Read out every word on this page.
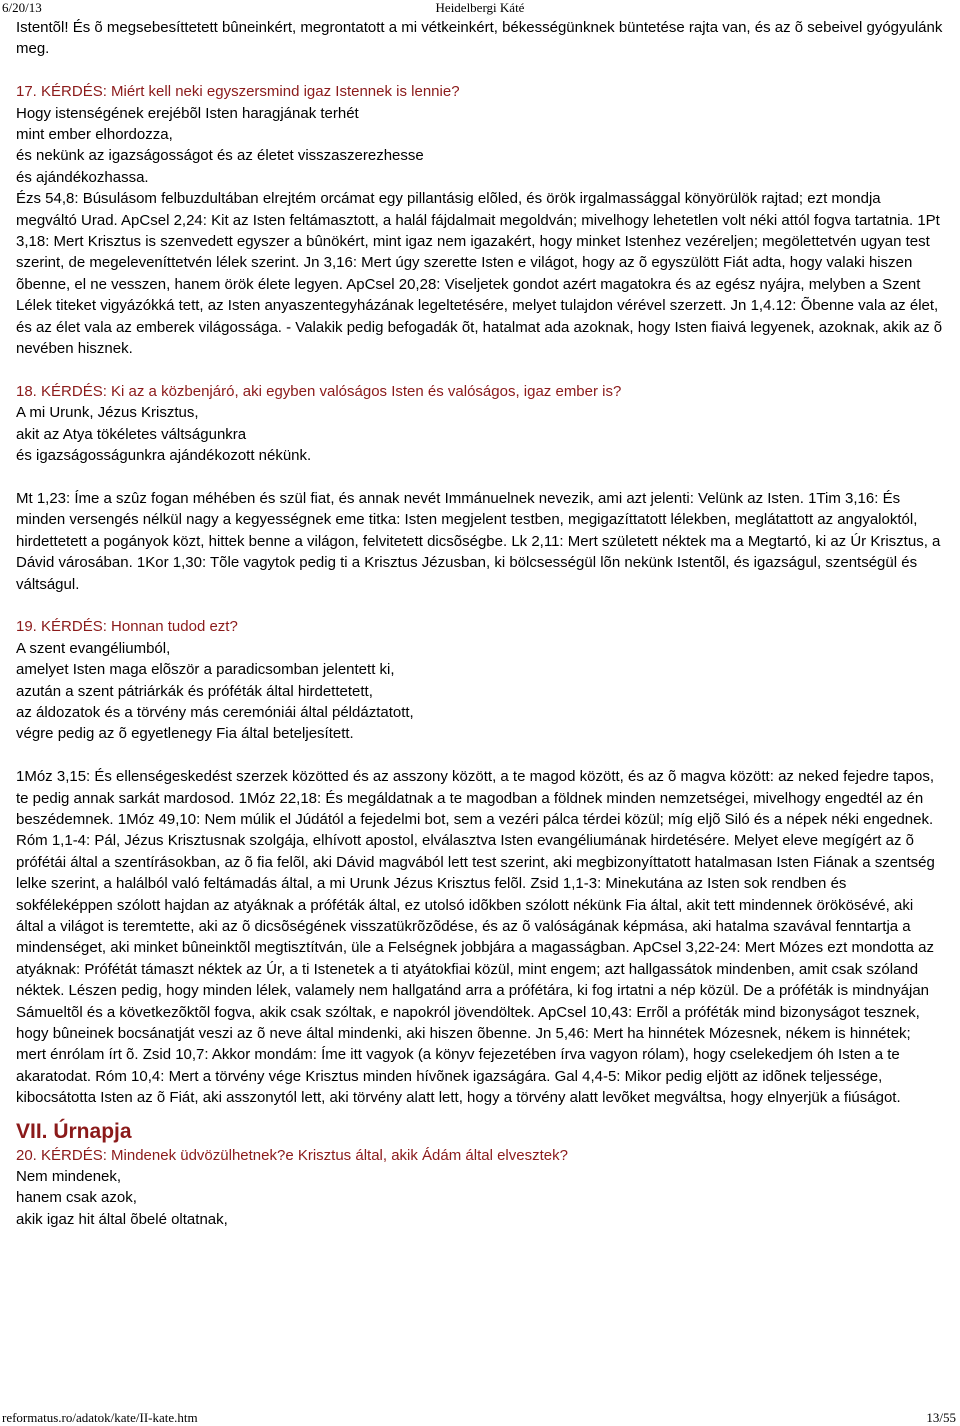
6/20/13	Heidelbergi Káté

Istentõl! És õ megsebesíttetett bûneinkért, megrontatott a mi vétkeinkért, békességünknek büntetése rajta van, és az õ sebeivel gyógyulánk meg.

17. KÉRDÉS: Miért kell neki egyszersmind igaz Istennek is lennie?

Hogy istenségének erejébõl Isten haragjának terhét
mint ember elhordozza,
és nekünk az igazságosságot és az életet visszaszerezhesse
és ajándékozhassa.

Ézs 54,8: Búsulásom felbuzdultában elrejtém orcámat egy pillantásig elõled, és örök irgalmassággal könyörülök rajtad; ezt mondja megváltó Urad. ApCsel 2,24: Kit az Isten feltámasztott, a halál fájdalmait megoldván; mivelhogy lehetetlen volt néki attól fogva tartatnia. 1Pt 3,18: Mert Krisztus is szenvedett egyszer a bûnökért, mint igaz nem igazakért, hogy minket Istenhez vezéreljen; megölettetvén ugyan test szerint, de megeleveníttetvén lélek szerint. Jn 3,16: Mert úgy szerette Isten e világot, hogy az õ egyszülött Fiát adta, hogy valaki hiszen õbenne, el ne vesszen, hanem örök élete legyen. ApCsel 20,28: Viseljetek gondot azért magatokra és az egész nyájra, melyben a Szent Lélek titeket vigyázókká tett, az Isten anyaszentegyházának legeltetésére, melyet tulajdon vérével szerzett. Jn 1,4.12: Õbenne vala az élet, és az élet vala az emberek világossága. - Valakik pedig befogadák õt, hatalmat ada azoknak, hogy Isten fiaivá legyenek, azoknak, akik az õ nevében hisznek.

18. KÉRDÉS: Ki az a közbenjáró, aki egyben valóságos Isten és valóságos, igaz ember is?

A mi Urunk, Jézus Krisztus,
akit az Atya tökéletes váltságunkra
és igazságosságunkra ajándékozott nékünk.

Mt 1,23: Íme a szûz fogan méhében és szül fiat, és annak nevét Immánuelnek nevezik, ami azt jelenti: Velünk az Isten. 1Tim 3,16: És minden versengés nélkül nagy a kegyességnek eme titka: Isten megjelent testben, megigazíttatott lélekben, meglátattott az angyaloktól, hirdettetett a pogányok közt, hittek benne a világon, felvitetett dicsõségbe. Lk 2,11: Mert született néktek ma a Megtartó, ki az Úr Krisztus, a Dávid városában. 1Kor 1,30: Tõle vagytok pedig ti a Krisztus Jézusban, ki bölcsességül lõn nekünk Istentõl, és igazságul, szentségül és váltságul.

19. KÉRDÉS: Honnan tudod ezt?

A szent evangéliumból,
amelyet Isten maga elõször a paradicsomban jelentett ki,
azután a szent pátriárkák és próféták által hirdettetett,
az áldozatok és a törvény más ceremóniái által példáztatott,
végre pedig az õ egyetlenegy Fia által beteljesített.

1Móz 3,15: És ellenségeskedést szerzek közötted és az asszony között, a te magod között, és az õ magva között: az neked fejedre tapos, te pedig annak sarkát mardosod. 1Móz 22,18: És megáldatnak a te magodban a földnek minden nemzetségei, mivelhogy engedtél az én beszédemnek. 1Móz 49,10: Nem múlik el Júdától a fejedelmi bot, sem a vezéri pálca térdei közül; míg eljõ Siló és a népek néki engednek. Róm 1,1-4: Pál, Jézus Krisztusnak szolgája, elhívott apostol, elválasztva Isten evangéliumának hirdetésére. Melyet eleve megígért az õ prófétái által a szentírásokban, az õ fia felõl, aki Dávid magvából lett test szerint, aki megbizonyíttatott hatalmasan Isten Fiának a szentség lelke szerint, a halálból való feltámadás által, a mi Urunk Jézus Krisztus felõl. Zsid 1,1-3: Minekutána az Isten sok rendben és sokféleképpen szólott hajdan az atyáknak a próféták által, ez utolsó idõkben szólott nékünk Fia által, akit tett mindennek örökösévé, aki által a világot is teremtette, aki az õ dicsõségének visszatükrõzõdése, és az õ valóságának képmása, aki hatalma szavával fenntartja a mindenséget, aki minket bûneinktõl megtisztítván, üle a Felségnek jobbjára a magasságban. ApCsel 3,22-24: Mert Mózes ezt mondotta az atyáknak: Prófétát támaszt néktek az Úr, a ti Istenetek a ti atyátokfiai közül, mint engem; azt hallgassátok mindenben, amit csak szóland néktek. Lészen pedig, hogy minden lélek, valamely nem hallgatánd arra a prófétára, ki fog irtatni a nép közül. De a próféták is mindnyájan Sámueltõl és a következõktõl fogva, akik csak szóltak, e napokról jövendöltek. ApCsel 10,43: Errõl a próféták mind bizonyságot tesznek, hogy bûneinek bocsánatját veszi az õ neve által mindenki, aki hiszen õbenne. Jn 5,46: Mert ha hinnétek Mózesnek, nékem is hinnétek; mert énrólam írt õ. Zsid 10,7: Akkor mondám: Íme itt vagyok (a könyv fejezetében írva vagyon rólam), hogy cselekedjem óh Isten a te akaratodat. Róm 10,4: Mert a törvény vége Krisztus minden hívõnek igazságára. Gal 4,4-5: Mikor pedig eljött az idõnek teljessége, kibocsátotta Isten az õ Fiát, aki asszonytól lett, aki törvény alatt lett, hogy a törvény alatt levõket megváltsa, hogy elnyerjük a fiúságot.

VII. Úrnapja

20. KÉRDÉS: Mindenek üdvözülhetnek?e Krisztus által, akik Ádám által elvesztek?

Nem mindenek,
hanem csak azok,
akik igaz hit által õbelé oltatnak,

reformatus.ro/adatok/kate/II-kate.htm	13/55
